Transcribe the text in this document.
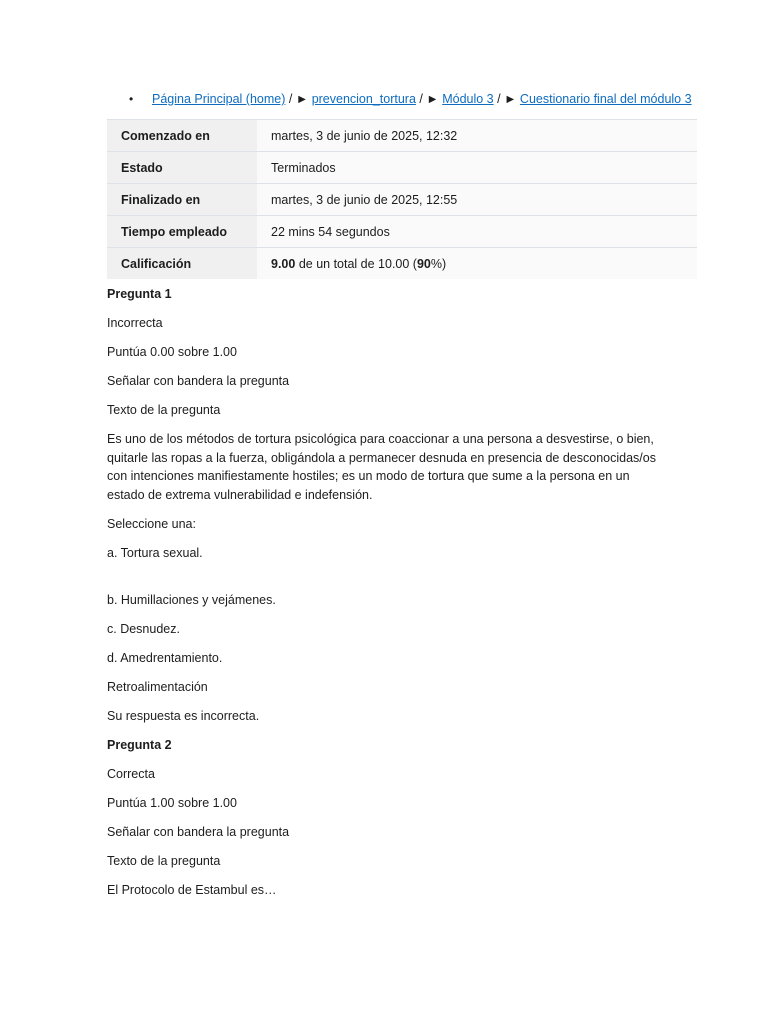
• Página Principal (home) / ► prevencion_tortura / ► Módulo 3 / ► Cuestionario final del módulo 3
Comenzado en	martes, 3 de junio de 2025, 12:32
Estado	Terminados
Finalizado en	martes, 3 de junio de 2025, 12:55
Tiempo empleado	22 mins 54 segundos
Calificación	9.00 de un total de 10.00 (90%)

Pregunta 1

Incorrecta

Puntúa 0.00 sobre 1.00

Señalar con bandera la pregunta

Texto de la pregunta

Es uno de los métodos de tortura psicológica para coaccionar a una persona a desvestirse, o bien, quitarle las ropas a la fuerza, obligándola a permanecer desnuda en presencia de desconocidas/os con intenciones manifiestamente hostiles; es un modo de tortura que sume a la persona en un estado de extrema vulnerabilidad e indefensión.

Seleccione una:

a. Tortura sexual.

b. Humillaciones y vejámenes.

c. Desnudez.

d. Amedrentamiento.

Retroalimentación

Su respuesta es incorrecta.

Pregunta 2

Correcta

Puntúa 1.00 sobre 1.00

Señalar con bandera la pregunta

Texto de la pregunta

El Protocolo de Estambul es…
